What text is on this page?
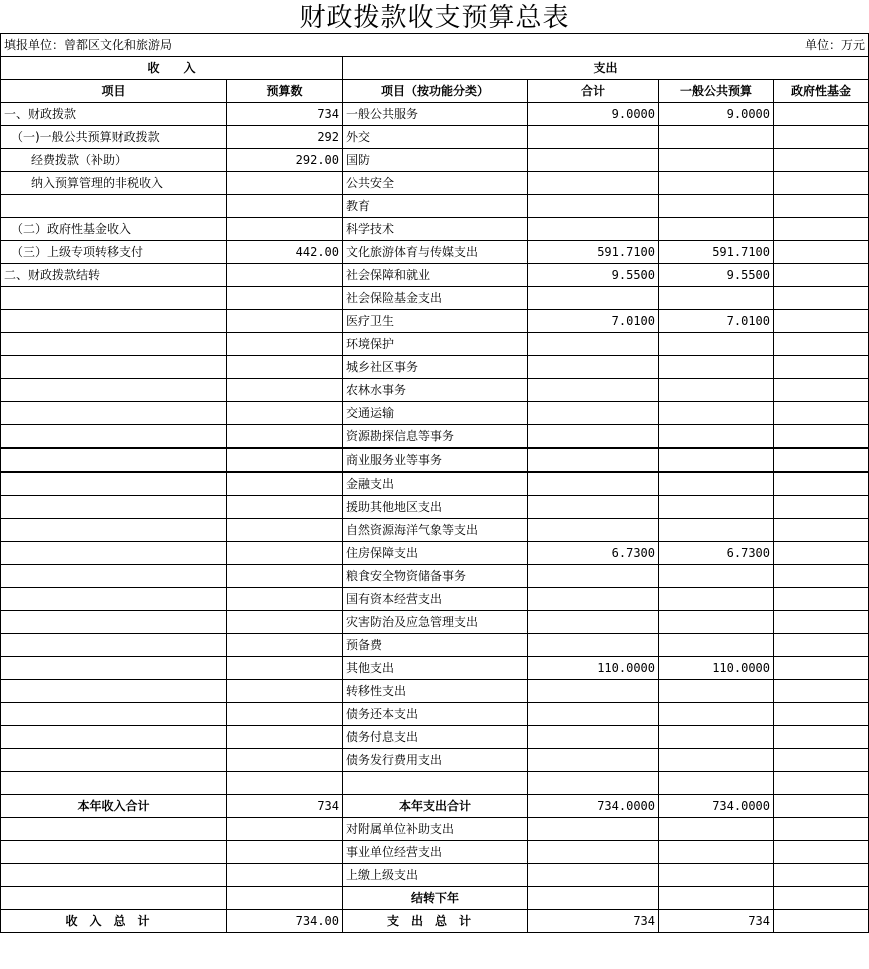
财政拨款收支预算总表
填报单位：曾都区文化和旅游局			单位：万元		
收　　入		支出			
项目	预算数	项目（按功能分类）	合计	一般公共预算	政府性基金
一、财政拨款	734	一般公共服务	9.0000	9.0000	
（一)一般公共预算财政拨款	292	外交			
经费拨款（补助）	292.00	国防			
纳入预算管理的非税收入		公共安全			
		教育			
（二）政府性基金收入		科学技术			
（三）上级专项转移支付	442.00	文化旅游体育与传媒支出	591.7100	591.7100	
二、财政拨款结转		社会保障和就业	9.5500	9.5500	
		社会保险基金支出			
		医疗卫生	7.0100	7.0100	
		环境保护			
		城乡社区事务			
		农林水事务			
		交通运输			
		资源勘探信息等事务			
		商业服务业等事务			
		金融支出			
		援助其他地区支出			
		自然资源海洋气象等支出			
		住房保障支出	6.7300	6.7300	
		粮食安全物资储备事务			
		国有资本经营支出			
		灾害防治及应急管理支出			
		预备费			
		其他支出	110.0000	110.0000	
		转移性支出			
		债务还本支出			
		债务付息支出			
		债务发行费用支出			

本年收入合计	734	本年支出合计	734.0000	734.0000	
		对附属单位补助支出			
		事业单位经营支出			
		上缴上级支出			
		结转下年			
收入总计	734.00	支出总计	734	734	
